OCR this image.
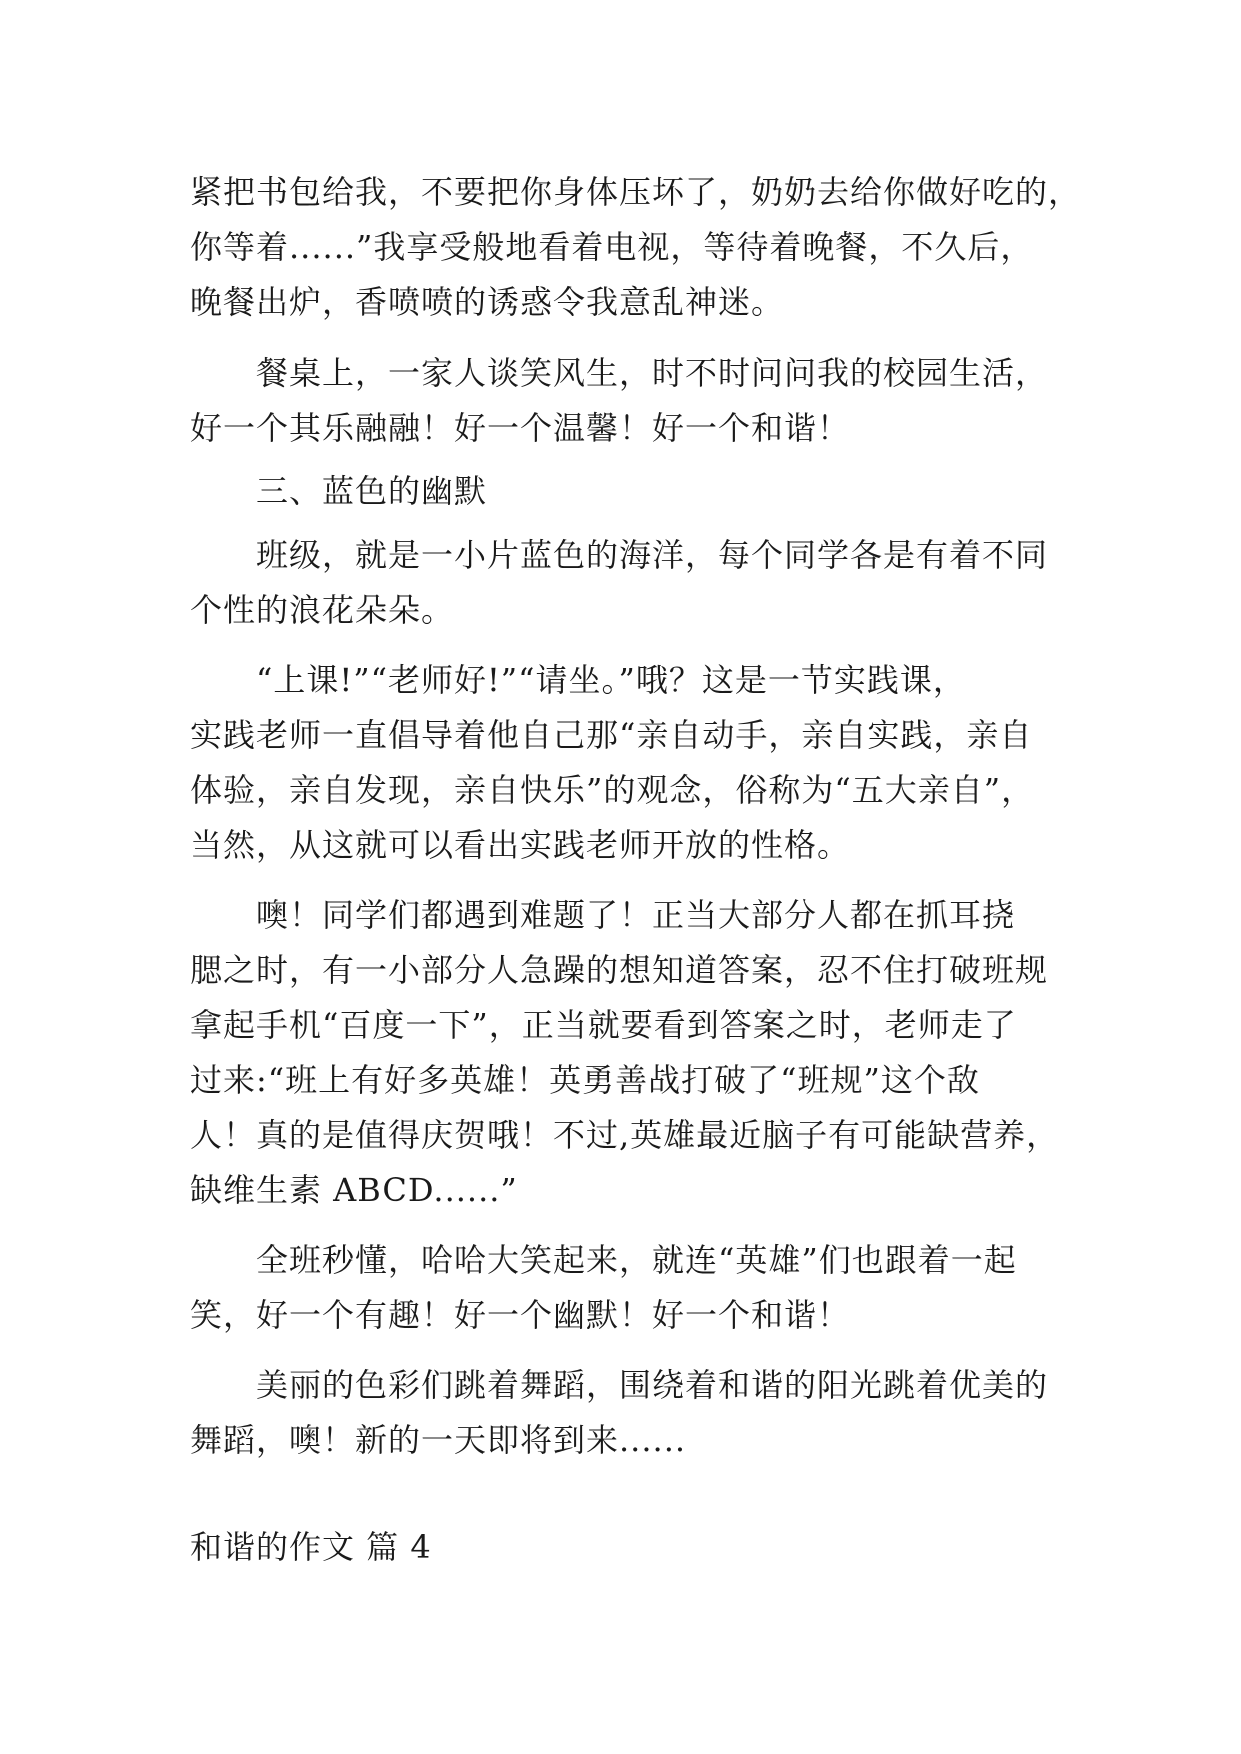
紧把书包给我，不要把你身体压坏了，奶奶去给你做好吃的，
你等着......”我享受般地看着电视，等待着晚餐，不久后，
晚餐出炉，香喷喷的诱惑令我意乱神迷。
　　餐桌上，一家人谈笑风生，时不时问问我的校园生活，
好一个其乐融融！好一个温馨！好一个和谐！
　　三、蓝色的幽默
　　班级，就是一小片蓝色的海洋，每个同学各是有着不同
个性的浪花朵朵。
　　“上课!”“老师好!”“请坐。”哦？这是一节实践课，
实践老师一直倡导着他自己那“亲自动手，亲自实践，亲自
体验，亲自发现，亲自快乐”的观念，俗称为“五大亲自”，
当然，从这就可以看出实践老师开放的性格。
　　噢！同学们都遇到难题了！正当大部分人都在抓耳挠
腮之时，有一小部分人急躁的想知道答案，忍不住打破班规
拿起手机“百度一下”，正当就要看到答案之时，老师走了
过来:“班上有好多英雄！英勇善战打破了“班规”这个敌
人！真的是值得庆贺哦！不过,英雄最近脑子有可能缺营养，
缺维生素 ABCD......”
　　全班秒懂，哈哈大笑起来，就连“英雄”们也跟着一起
笑，好一个有趣！好一个幽默！好一个和谐！
　　美丽的色彩们跳着舞蹈，围绕着和谐的阳光跳着优美的
舞蹈，噢！新的一天即将到来......
和谐的作文 篇 4
